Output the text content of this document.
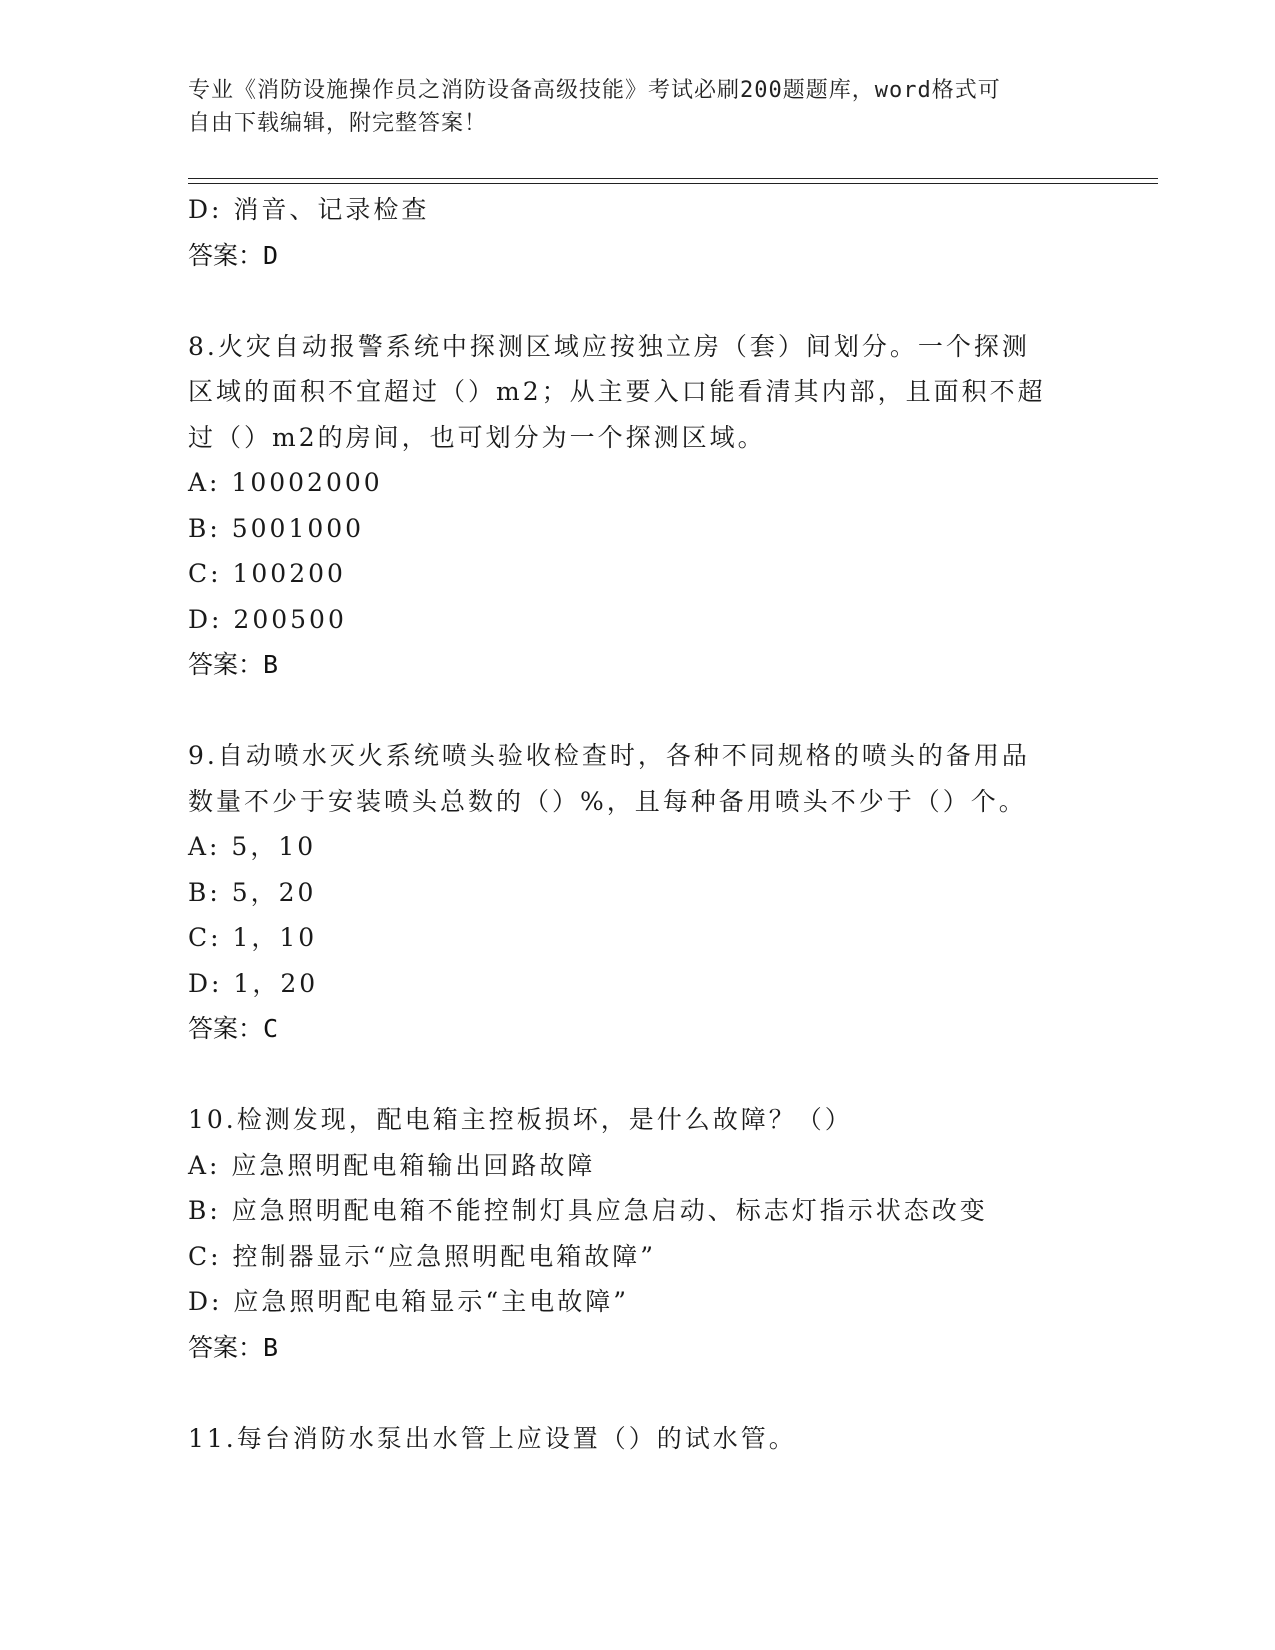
专业《消防设施操作员之消防设备高级技能》考试必刷200题题库，word格式可
自由下载编辑，附完整答案！
D: 消音、记录检查
答案：D
8.火灾自动报警系统中探测区域应按独立房（套）间划分。一个探测
区域的面积不宜超过（）m2；从主要入口能看清其内部，且面积不超
过（）m2的房间，也可划分为一个探测区域。
A: 10002000
B: 5001000
C: 100200
D: 200500
答案：B
9.自动喷水灭火系统喷头验收检查时，各种不同规格的喷头的备用品
数量不少于安装喷头总数的（）%，且每种备用喷头不少于（）个。
A: 5，10
B: 5，20
C: 1，10
D: 1，20
答案：C
10.检测发现，配电箱主控板损坏，是什么故障？（）
A: 应急照明配电箱输出回路故障
B: 应急照明配电箱不能控制灯具应急启动、标志灯指示状态改变
C: 控制器显示“应急照明配电箱故障”
D: 应急照明配电箱显示“主电故障”
答案：B
11.每台消防水泵出水管上应设置（）的试水管。
